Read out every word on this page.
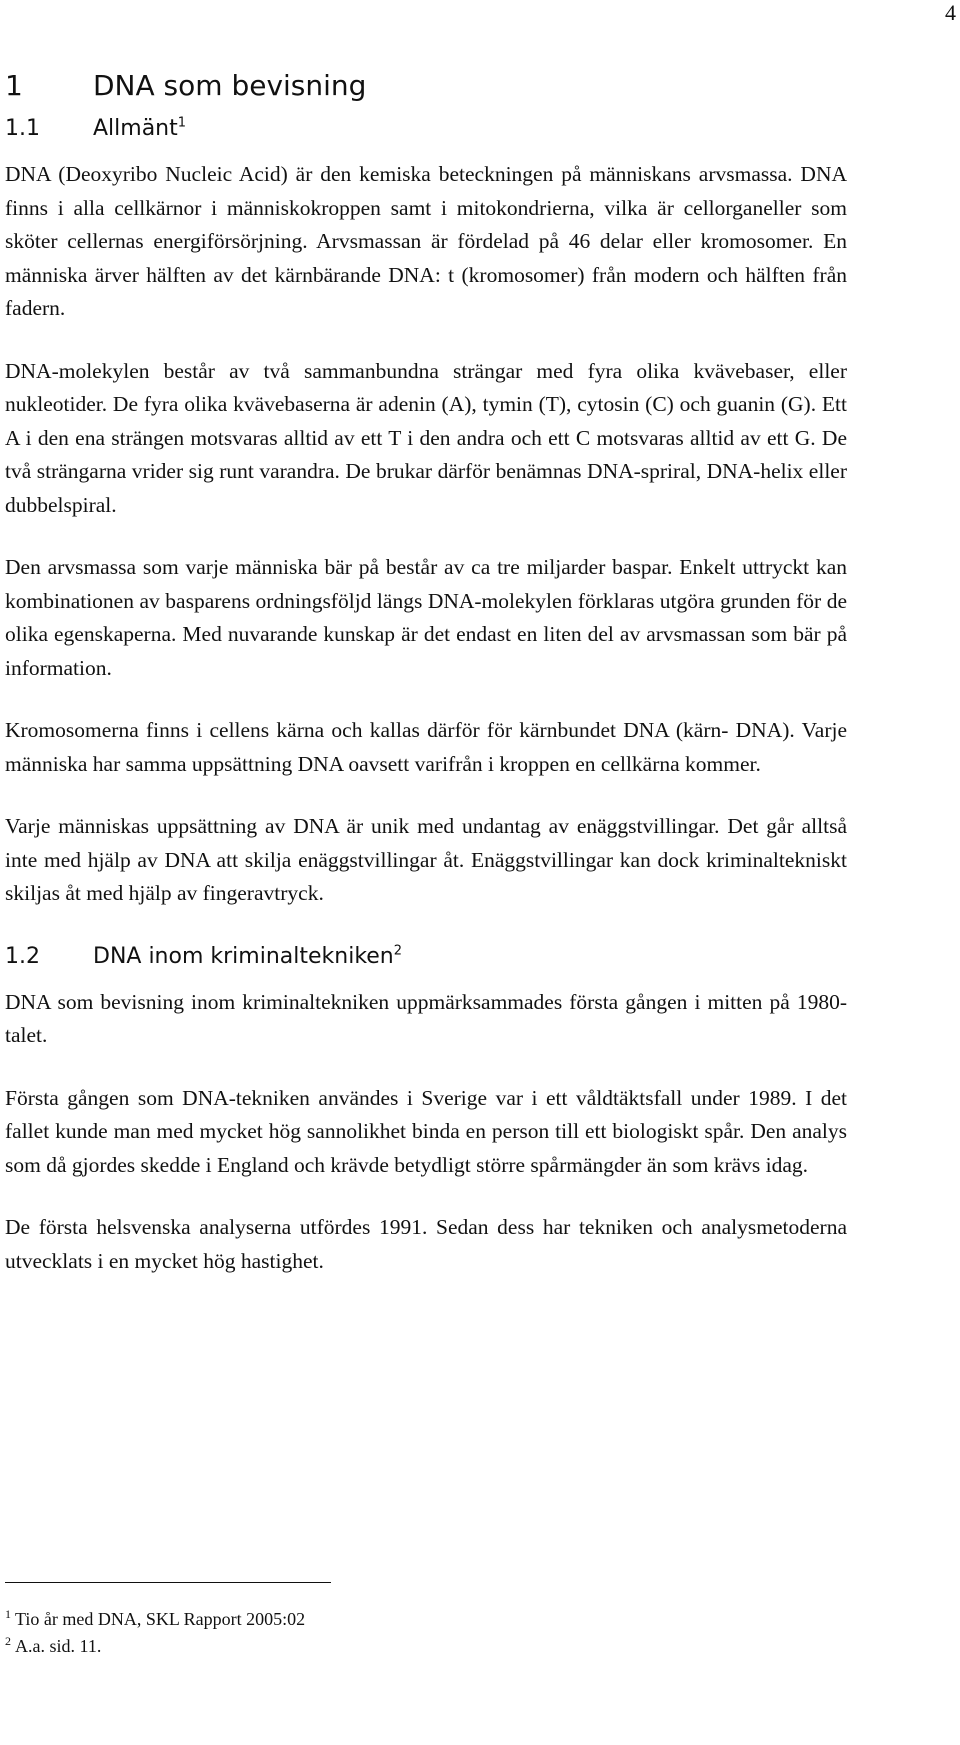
4
1	DNA som bevisning
1.1 Allmänt$^1$

DNA (Deoxyribo Nucleic Acid) är den kemiska beteckningen på människans arvsmassa. DNA finns i alla cellkärnor i människokroppen samt i mitokondrierna, vilka är cellorganeller som sköter cellernas energiförsörjning. Arvsmassan är fördelad på 46 delar eller kromosomer. En människa ärver hälften av det kärnbärande DNA: t (kromosomer) från modern och hälften från fadern.

DNA-molekylen består av två sammanbundna strängar med fyra olika kvävebaser, eller nukleotider. De fyra olika kvävebaserna är adenin (A), tymin (T), cytosin (C) och guanin (G). Ett A i den ena strängen motsvaras alltid av ett T i den andra och ett C motsvaras alltid av ett G. De två strängarna vrider sig runt varandra. De brukar därför benämnas DNA-spriral, DNA-helix eller dubbelspiral.

Den arvsmassa som varje människa bär på består av ca tre miljarder baspar. Enkelt uttryckt kan kombinationen av basparens ordningsföljd längs DNA-molekylen förklaras utgöra grunden för de olika egenskaperna. Med nuvarande kunskap är det endast en liten del av arvsmassan som bär på information.

Kromosomerna finns i cellens kärna och kallas därför för kärnbundet DNA (kärn- DNA). Varje människa har samma uppsättning DNA oavsett varifrån i kroppen en cellkärna kommer.

Varje människas uppsättning av DNA är unik med undantag av enäggstvillingar. Det går alltså inte med hjälp av DNA att skilja enäggstvillingar åt. Enäggstvillingar kan dock kriminaltekniskt skiljas åt med hjälp av fingeravtryck.

1.2 DNA inom kriminaltekniken$^2$

DNA som bevisning inom kriminaltekniken uppmärksammades första gången i mitten på 1980-talet.

Första gången som DNA-tekniken användes i Sverige var i ett våldtäktsfall under 1989. I det fallet kunde man med mycket hög sannolikhet binda en person till ett biologiskt spår. Den analys som då gjordes skedde i England och krävde betydligt större spårmängder än som krävs idag.

De första helsvenska analyserna utfördes 1991. Sedan dess har tekniken och analysmetoderna utvecklats i en mycket hög hastighet.

$^1$ Tio år med DNA, SKL Rapport 2005:02
$^2$ A.a. sid. 11.
